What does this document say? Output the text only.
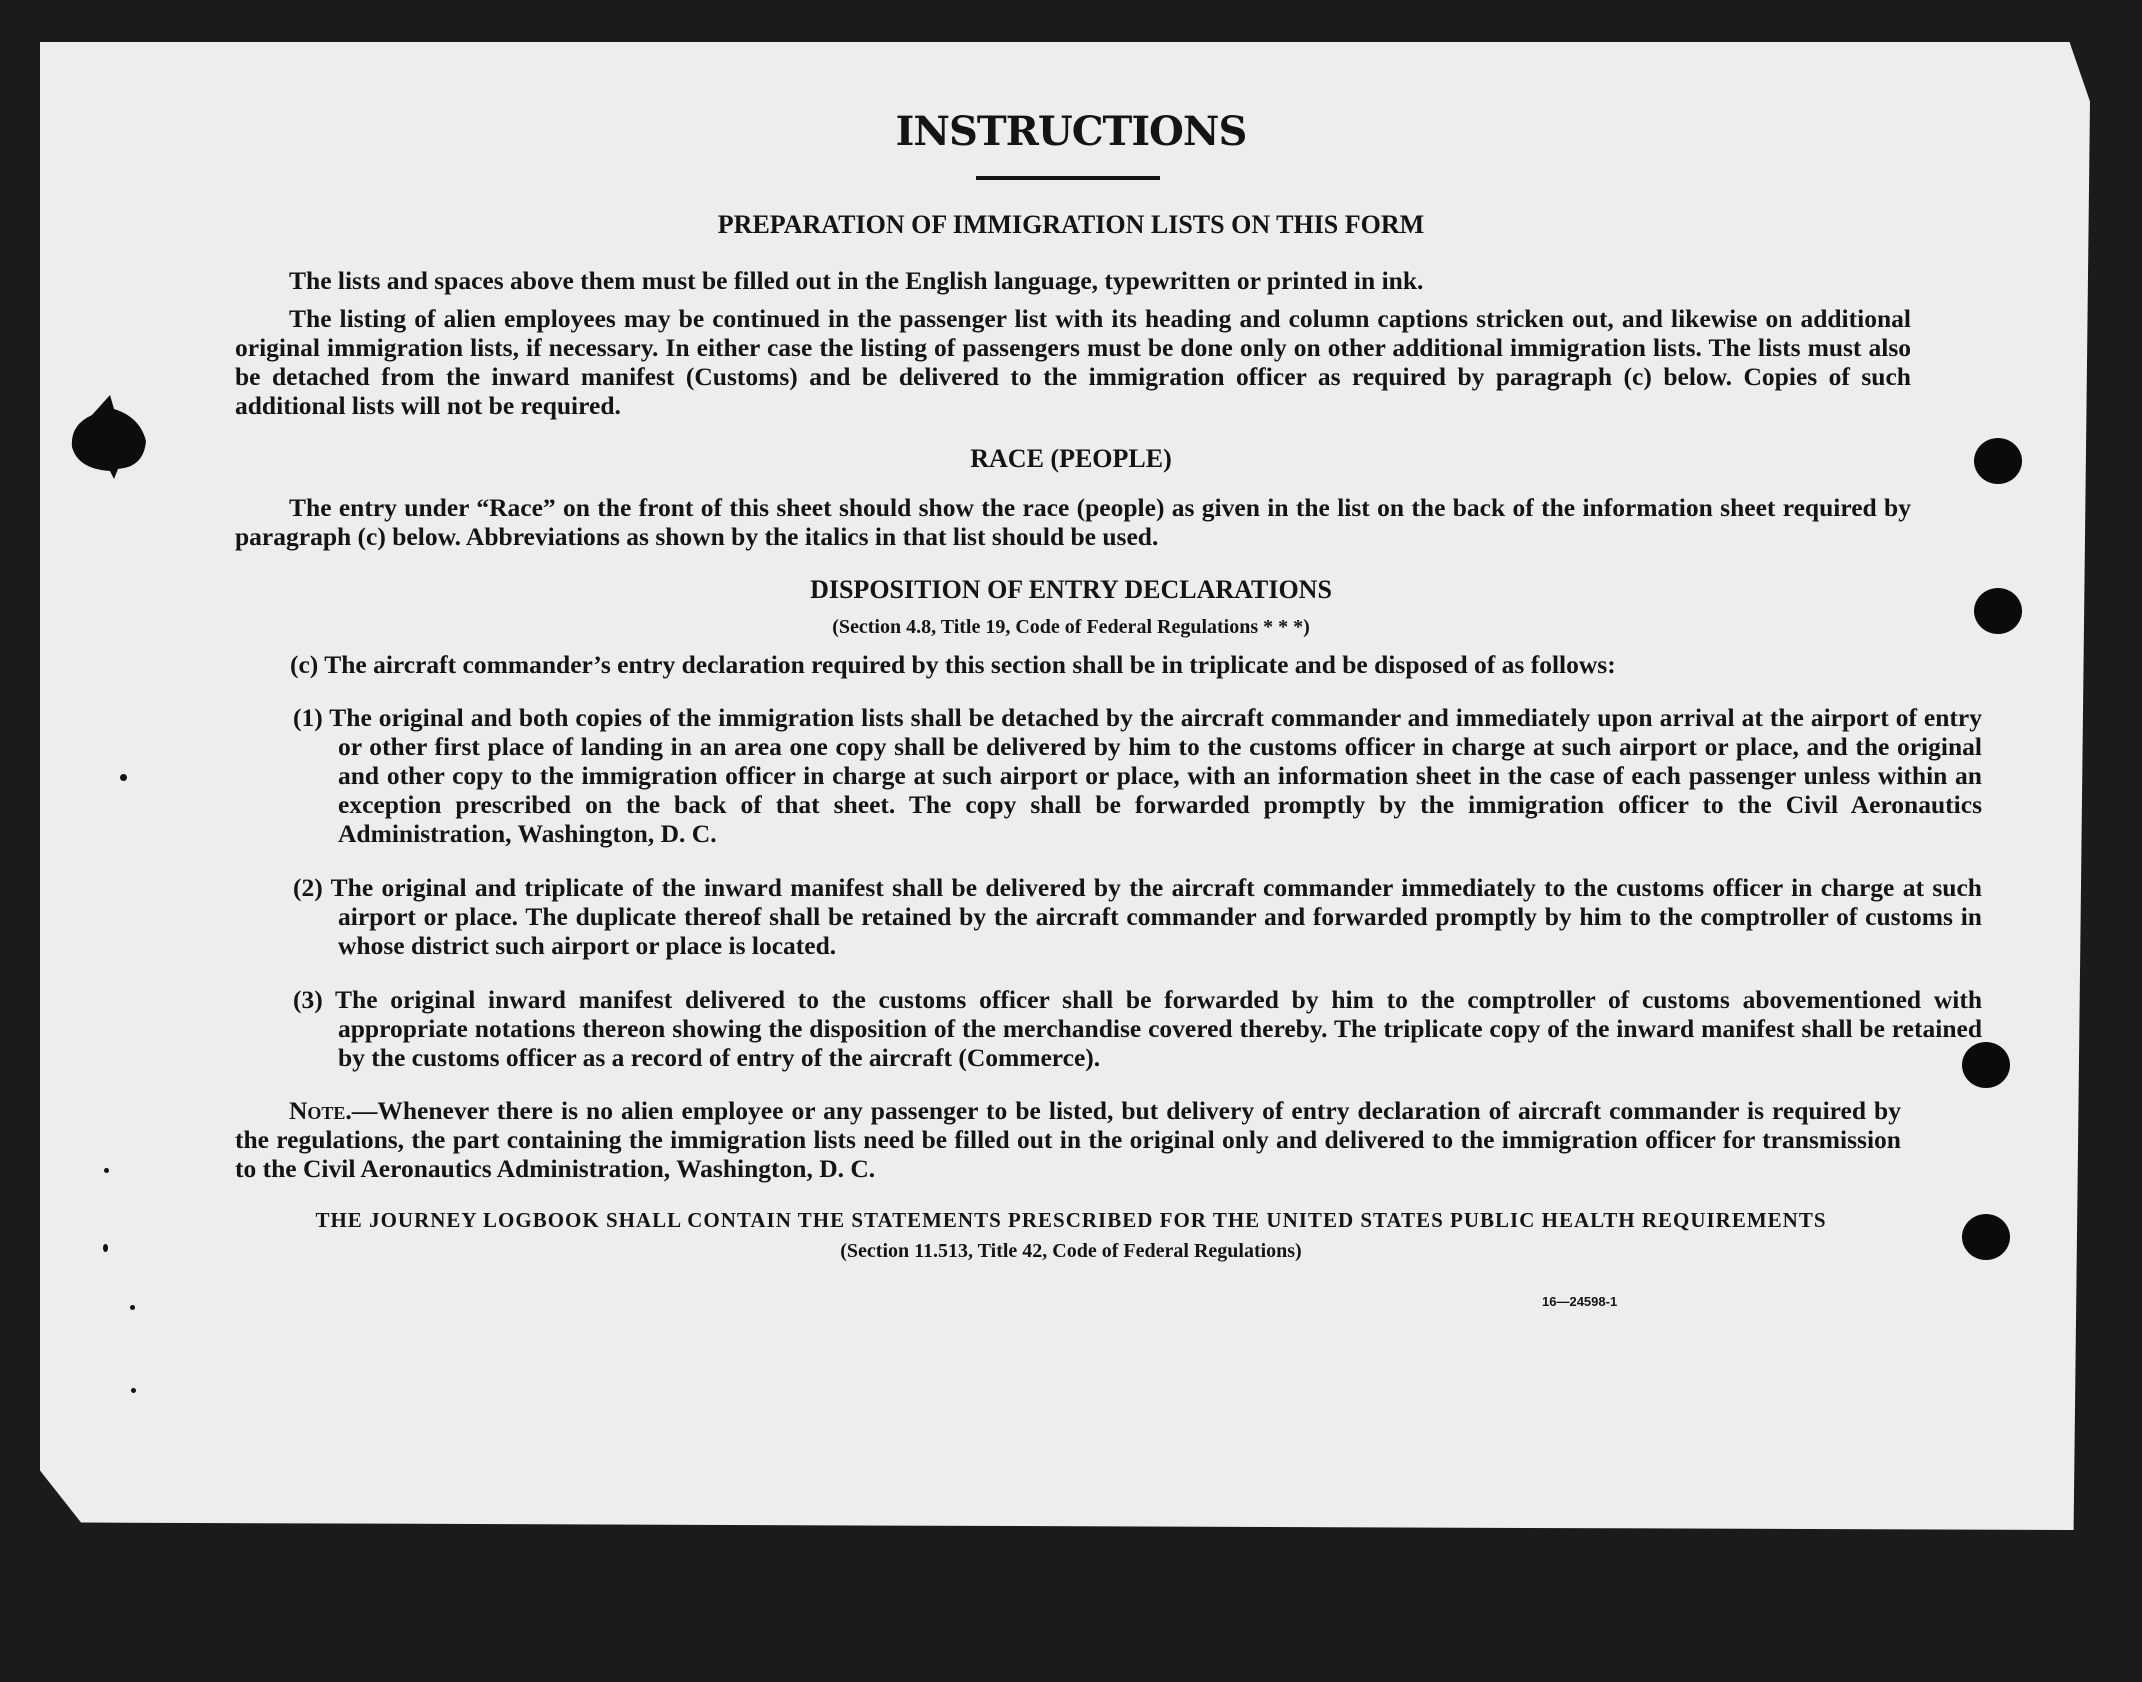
INSTRUCTIONS

PREPARATION OF IMMIGRATION LISTS ON THIS FORM

The lists and spaces above them must be filled out in the English language, typewritten or printed in ink.

The listing of alien employees may be continued in the passenger list with its heading and column captions stricken out, and likewise on additional original immigration lists, if necessary. In either case the listing of passengers must be done only on other additional immigration lists. The lists must also be detached from the inward manifest (Customs) and be delivered to the immigration officer as required by paragraph (c) below. Copies of such additional lists will not be required.

RACE (PEOPLE)

The entry under “Race” on the front of this sheet should show the race (people) as given in the list on the back of the information sheet required by paragraph (c) below. Abbreviations as shown by the italics in that list should be used.

DISPOSITION OF ENTRY DECLARATIONS

(Section 4.8, Title 19, Code of Federal Regulations * * *)

(c) The aircraft commander’s entry declaration required by this section shall be in triplicate and be disposed of as follows:

(1) The original and both copies of the immigration lists shall be detached by the aircraft commander and immediately upon arrival at the airport of entry or other first place of landing in an area one copy shall be delivered by him to the customs officer in charge at such airport or place, and the original and other copy to the immigration officer in charge at such airport or place, with an information sheet in the case of each passenger unless within an exception prescribed on the back of that sheet. The copy shall be forwarded promptly by the immigration officer to the Civil Aeronautics Administration, Washington, D. C.

(2) The original and triplicate of the inward manifest shall be delivered by the aircraft commander immediately to the customs officer in charge at such airport or place. The duplicate thereof shall be retained by the aircraft commander and forwarded promptly by him to the comptroller of customs in whose district such airport or place is located.

(3) The original inward manifest delivered to the customs officer shall be forwarded by him to the comptroller of customs abovementioned with appropriate notations thereon showing the disposition of the merchandise covered thereby. The triplicate copy of the inward manifest shall be retained by the customs officer as a record of entry of the aircraft (Commerce).

Note.—Whenever there is no alien employee or any passenger to be listed, but delivery of entry declaration of aircraft commander is required by the regulations, the part containing the immigration lists need be filled out in the original only and delivered to the immigration officer for transmission to the Civil Aeronautics Administration, Washington, D. C.

THE JOURNEY LOGBOOK SHALL CONTAIN THE STATEMENTS PRESCRIBED FOR THE UNITED STATES PUBLIC HEALTH REQUIREMENTS

(Section 11.513, Title 42, Code of Federal Regulations)

16—24598-1
